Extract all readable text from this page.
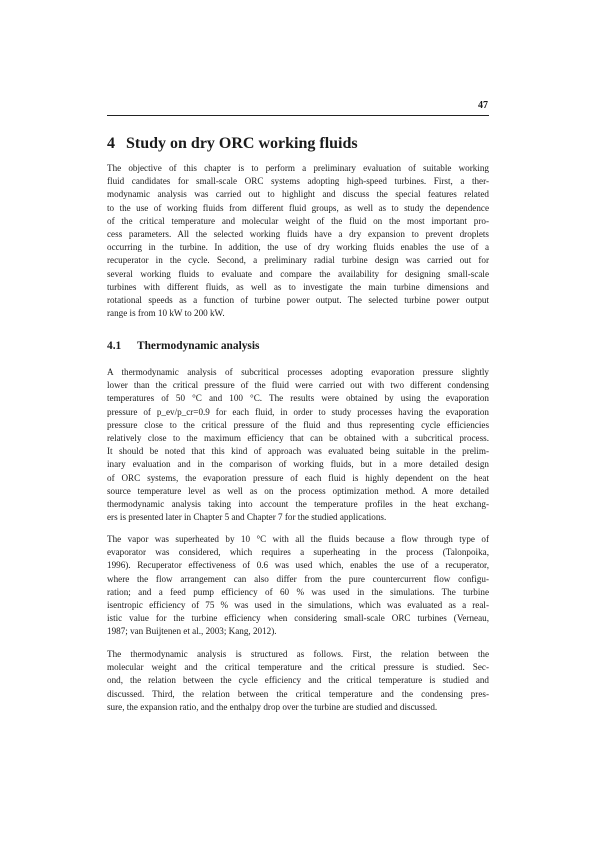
47
4 Study on dry ORC working fluids
The objective of this chapter is to perform a preliminary evaluation of suitable working
fluid candidates for small-scale ORC systems adopting high-speed turbines. First, a ther-
modynamic analysis was carried out to highlight and discuss the special features related
to the use of working fluids from different fluid groups, as well as to study the dependence
of the critical temperature and molecular weight of the fluid on the most important pro-
cess parameters. All the selected working fluids have a dry expansion to prevent droplets
occurring in the turbine. In addition, the use of dry working fluids enables the use of a
recuperator in the cycle. Second, a preliminary radial turbine design was carried out for
several working fluids to evaluate and compare the availability for designing small-scale
turbines with different fluids, as well as to investigate the main turbine dimensions and
rotational speeds as a function of turbine power output. The selected turbine power output
range is from 10 kW to 200 kW.
4.1 Thermodynamic analysis
A thermodynamic analysis of subcritical processes adopting evaporation pressure slightly
lower than the critical pressure of the fluid were carried out with two different condensing
temperatures of 50 °C and 100 °C. The results were obtained by using the evaporation
pressure of p_ev/p_cr=0.9 for each fluid, in order to study processes having the evaporation
pressure close to the critical pressure of the fluid and thus representing cycle efficiencies
relatively close to the maximum efficiency that can be obtained with a subcritical process.
It should be noted that this kind of approach was evaluated being suitable in the prelim-
inary evaluation and in the comparison of working fluids, but in a more detailed design
of ORC systems, the evaporation pressure of each fluid is highly dependent on the heat
source temperature level as well as on the process optimization method. A more detailed
thermodynamic analysis taking into account the temperature profiles in the heat exchang-
ers is presented later in Chapter 5 and Chapter 7 for the studied applications.
The vapor was superheated by 10 °C with all the fluids because a flow through type of
evaporator was considered, which requires a superheating in the process (Talonpoika,
1996). Recuperator effectiveness of 0.6 was used which, enables the use of a recuperator,
where the flow arrangement can also differ from the pure countercurrent flow configu-
ration; and a feed pump efficiency of 60 % was used in the simulations. The turbine
isentropic efficiency of 75 % was used in the simulations, which was evaluated as a real-
istic value for the turbine efficiency when considering small-scale ORC turbines (Verneau,
1987; van Buijtenen et al., 2003; Kang, 2012).
The thermodynamic analysis is structured as follows. First, the relation between the
molecular weight and the critical temperature and the critical pressure is studied. Sec-
ond, the relation between the cycle efficiency and the critical temperature is studied and
discussed. Third, the relation between the critical temperature and the condensing pres-
sure, the expansion ratio, and the enthalpy drop over the turbine are studied and discussed.
